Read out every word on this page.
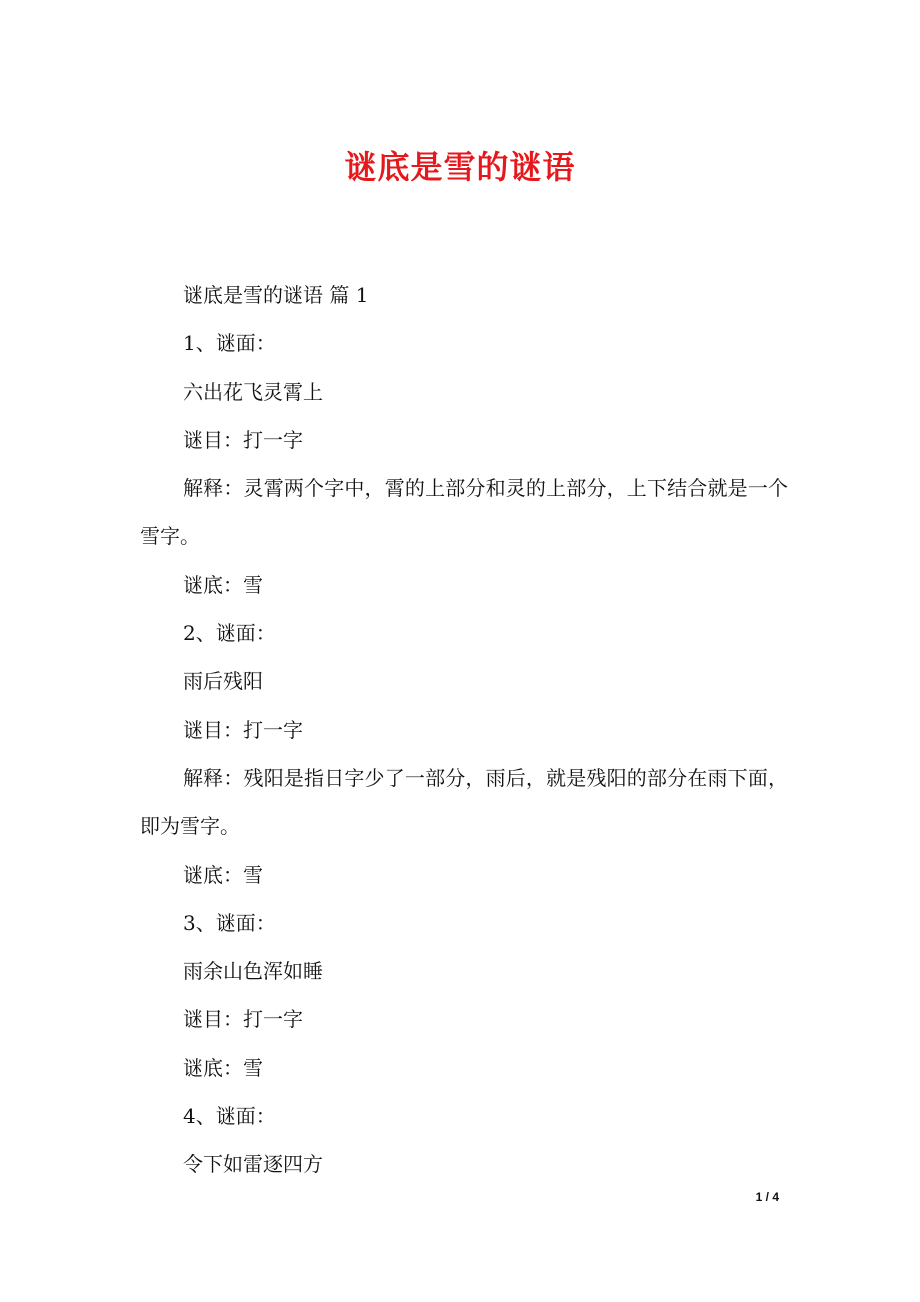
谜底是雪的谜语

谜底是雪的谜语 篇 1

1、谜面：

六出花飞灵霄上

谜目：打一字

解释：灵霄两个字中，霄的上部分和灵的上部分，上下结合就是一个雪字。

谜底：雪

2、谜面：

雨后残阳

谜目：打一字

解释：残阳是指日字少了一部分，雨后，就是残阳的部分在雨下面，即为雪字。

谜底：雪

3、谜面：

雨余山色浑如睡

谜目：打一字

谜底：雪

4、谜面：

令下如雷逐四方

1 / 4
